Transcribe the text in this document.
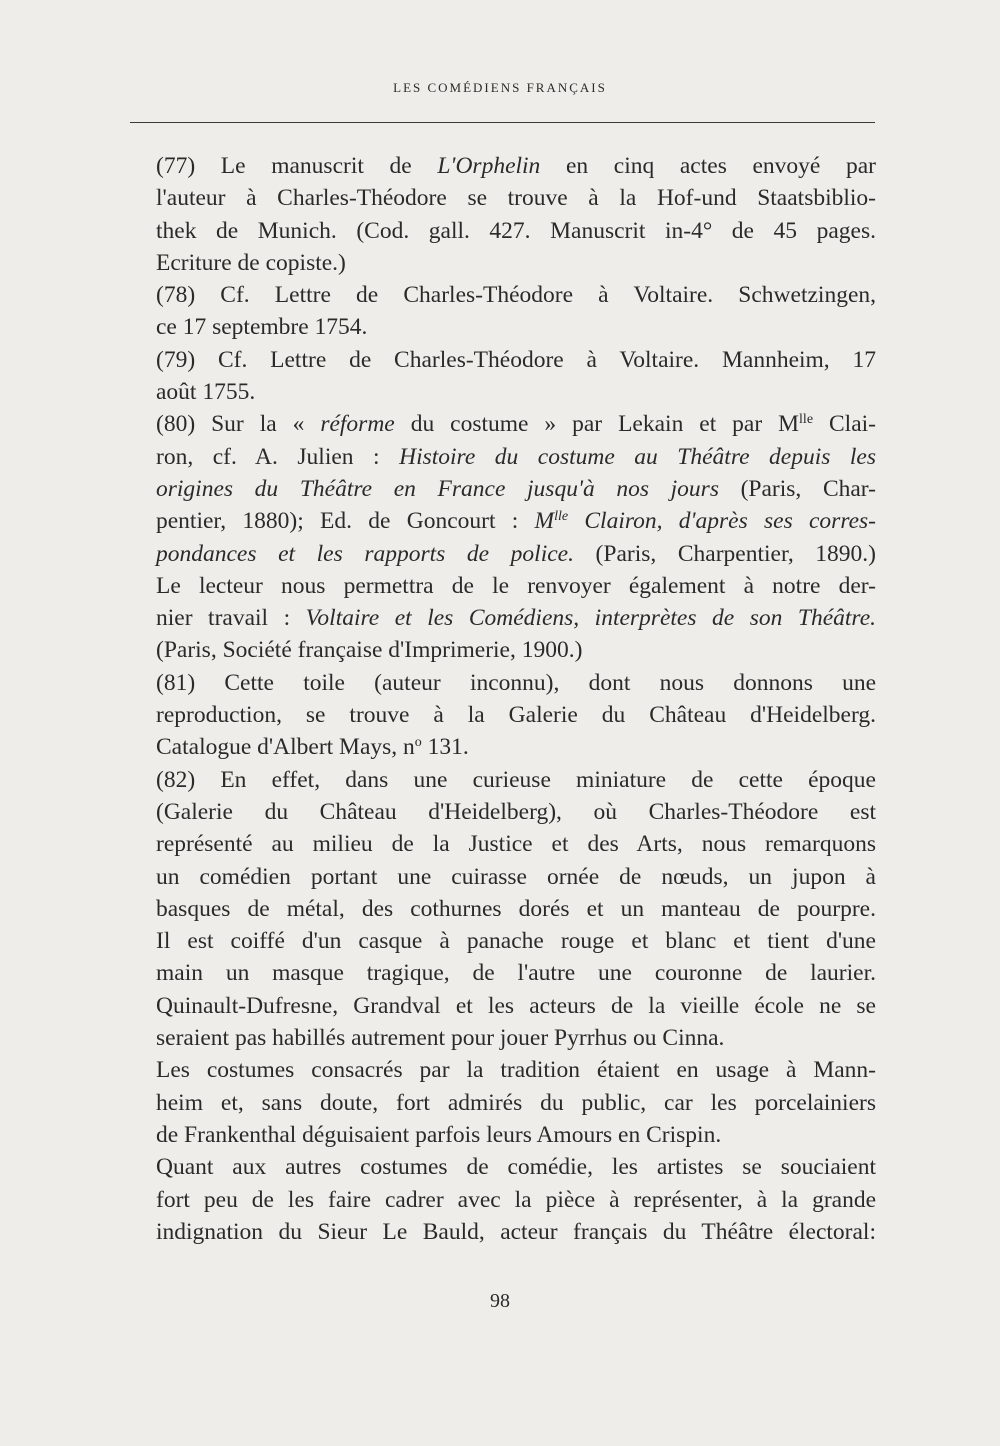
LES COMÉDIENS FRANÇAIS

(77) Le manuscrit de L'Orphelin en cinq actes envoyé par
l'auteur à Charles-Théodore se trouve à la Hof-und Staatsbiblio-
thek de Munich. (Cod. gall. 427. Manuscrit in-4° de 45 pages.
Ecriture de copiste.)

(78) Cf. Lettre de Charles-Théodore à Voltaire. Schwetzingen,
ce 17 septembre 1754.

(79) Cf. Lettre de Charles-Théodore à Voltaire. Mannheim, 17
août 1755.

(80) Sur la « réforme du costume » par Lekain et par $M^{lle}$ Clai-
ron, cf. A. Julien : Histoire du costume au Théâtre depuis les
origines du Théâtre en France jusqu'à nos jours (Paris, Char-
pentier, 1880); Ed. de Goncourt : $M^{lle}$ Clairon, d'après ses corres-
pondances et les rapports de police. (Paris, Charpentier, 1890.)
Le lecteur nous permettra de le renvoyer également à notre der-
nier travail : Voltaire et les Comédiens, interprètes de son Théâtre.
(Paris, Société française d'Imprimerie, 1900.)

(81) Cette toile (auteur inconnu), dont nous donnons une
reproduction, se trouve à la Galerie du Château d'Heidelberg.
Catalogue d'Albert Mays, $n^o$ 131.

(82) En effet, dans une curieuse miniature de cette époque
(Galerie du Château d'Heidelberg), où Charles-Théodore est
représenté au milieu de la Justice et des Arts, nous remarquons
un comédien portant une cuirasse ornée de nœuds, un jupon à
basques de métal, des cothurnes dorés et un manteau de pourpre.
Il est coiffé d'un casque à panache rouge et blanc et tient d'une
main un masque tragique, de l'autre une couronne de laurier.
Quinault-Dufresne, Grandval et les acteurs de la vieille école ne se
seraient pas habillés autrement pour jouer Pyrrhus ou Cinna.

Les costumes consacrés par la tradition étaient en usage à Mann-
heim et, sans doute, fort admirés du public, car les porcelainiers
de Frankenthal déguisaient parfois leurs Amours en Crispin.

Quant aux autres costumes de comédie, les artistes se souciaient
fort peu de les faire cadrer avec la pièce à représenter, à la grande
indignation du Sieur Le Bauld, acteur français du Théâtre électoral:

98
